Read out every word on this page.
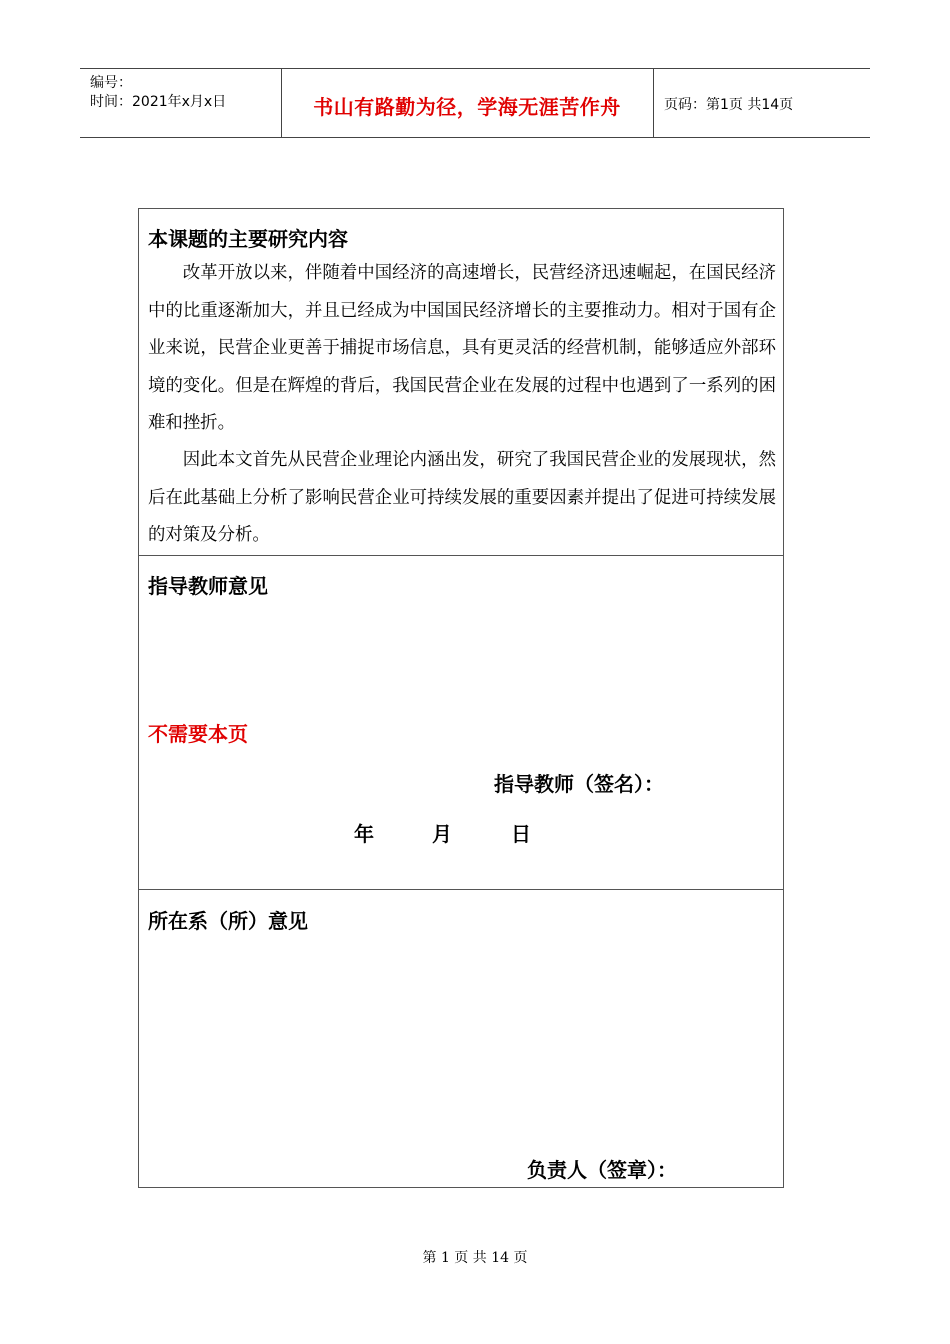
编号：
时间：2021年x月x日	书山有路勤为径，学海无涯苦作舟	页码：第1页 共14页
本课题的主要研究内容

改革开放以来，伴随着中国经济的高速增长，民营经济迅速崛起，在国民经济中的比重逐渐加大，并且已经成为中国国民经济增长的主要推动力。相对于国有企业来说，民营企业更善于捕捉市场信息，具有更灵活的经营机制，能够适应外部环境的变化。但是在辉煌的背后，我国民营企业在发展的过程中也遇到了一系列的困难和挫折。

因此本文首先从民营企业理论内涵出发，研究了我国民营企业的发展现状，然后在此基础上分析了影响民营企业可持续发展的重要因素并提出了促进可持续发展的对策及分析。

指导教师意见
不需要本页
指导教师（签名）：
年	月	日
所在系（所）意见
负责人（签章）：
第 1 页 共 14 页
